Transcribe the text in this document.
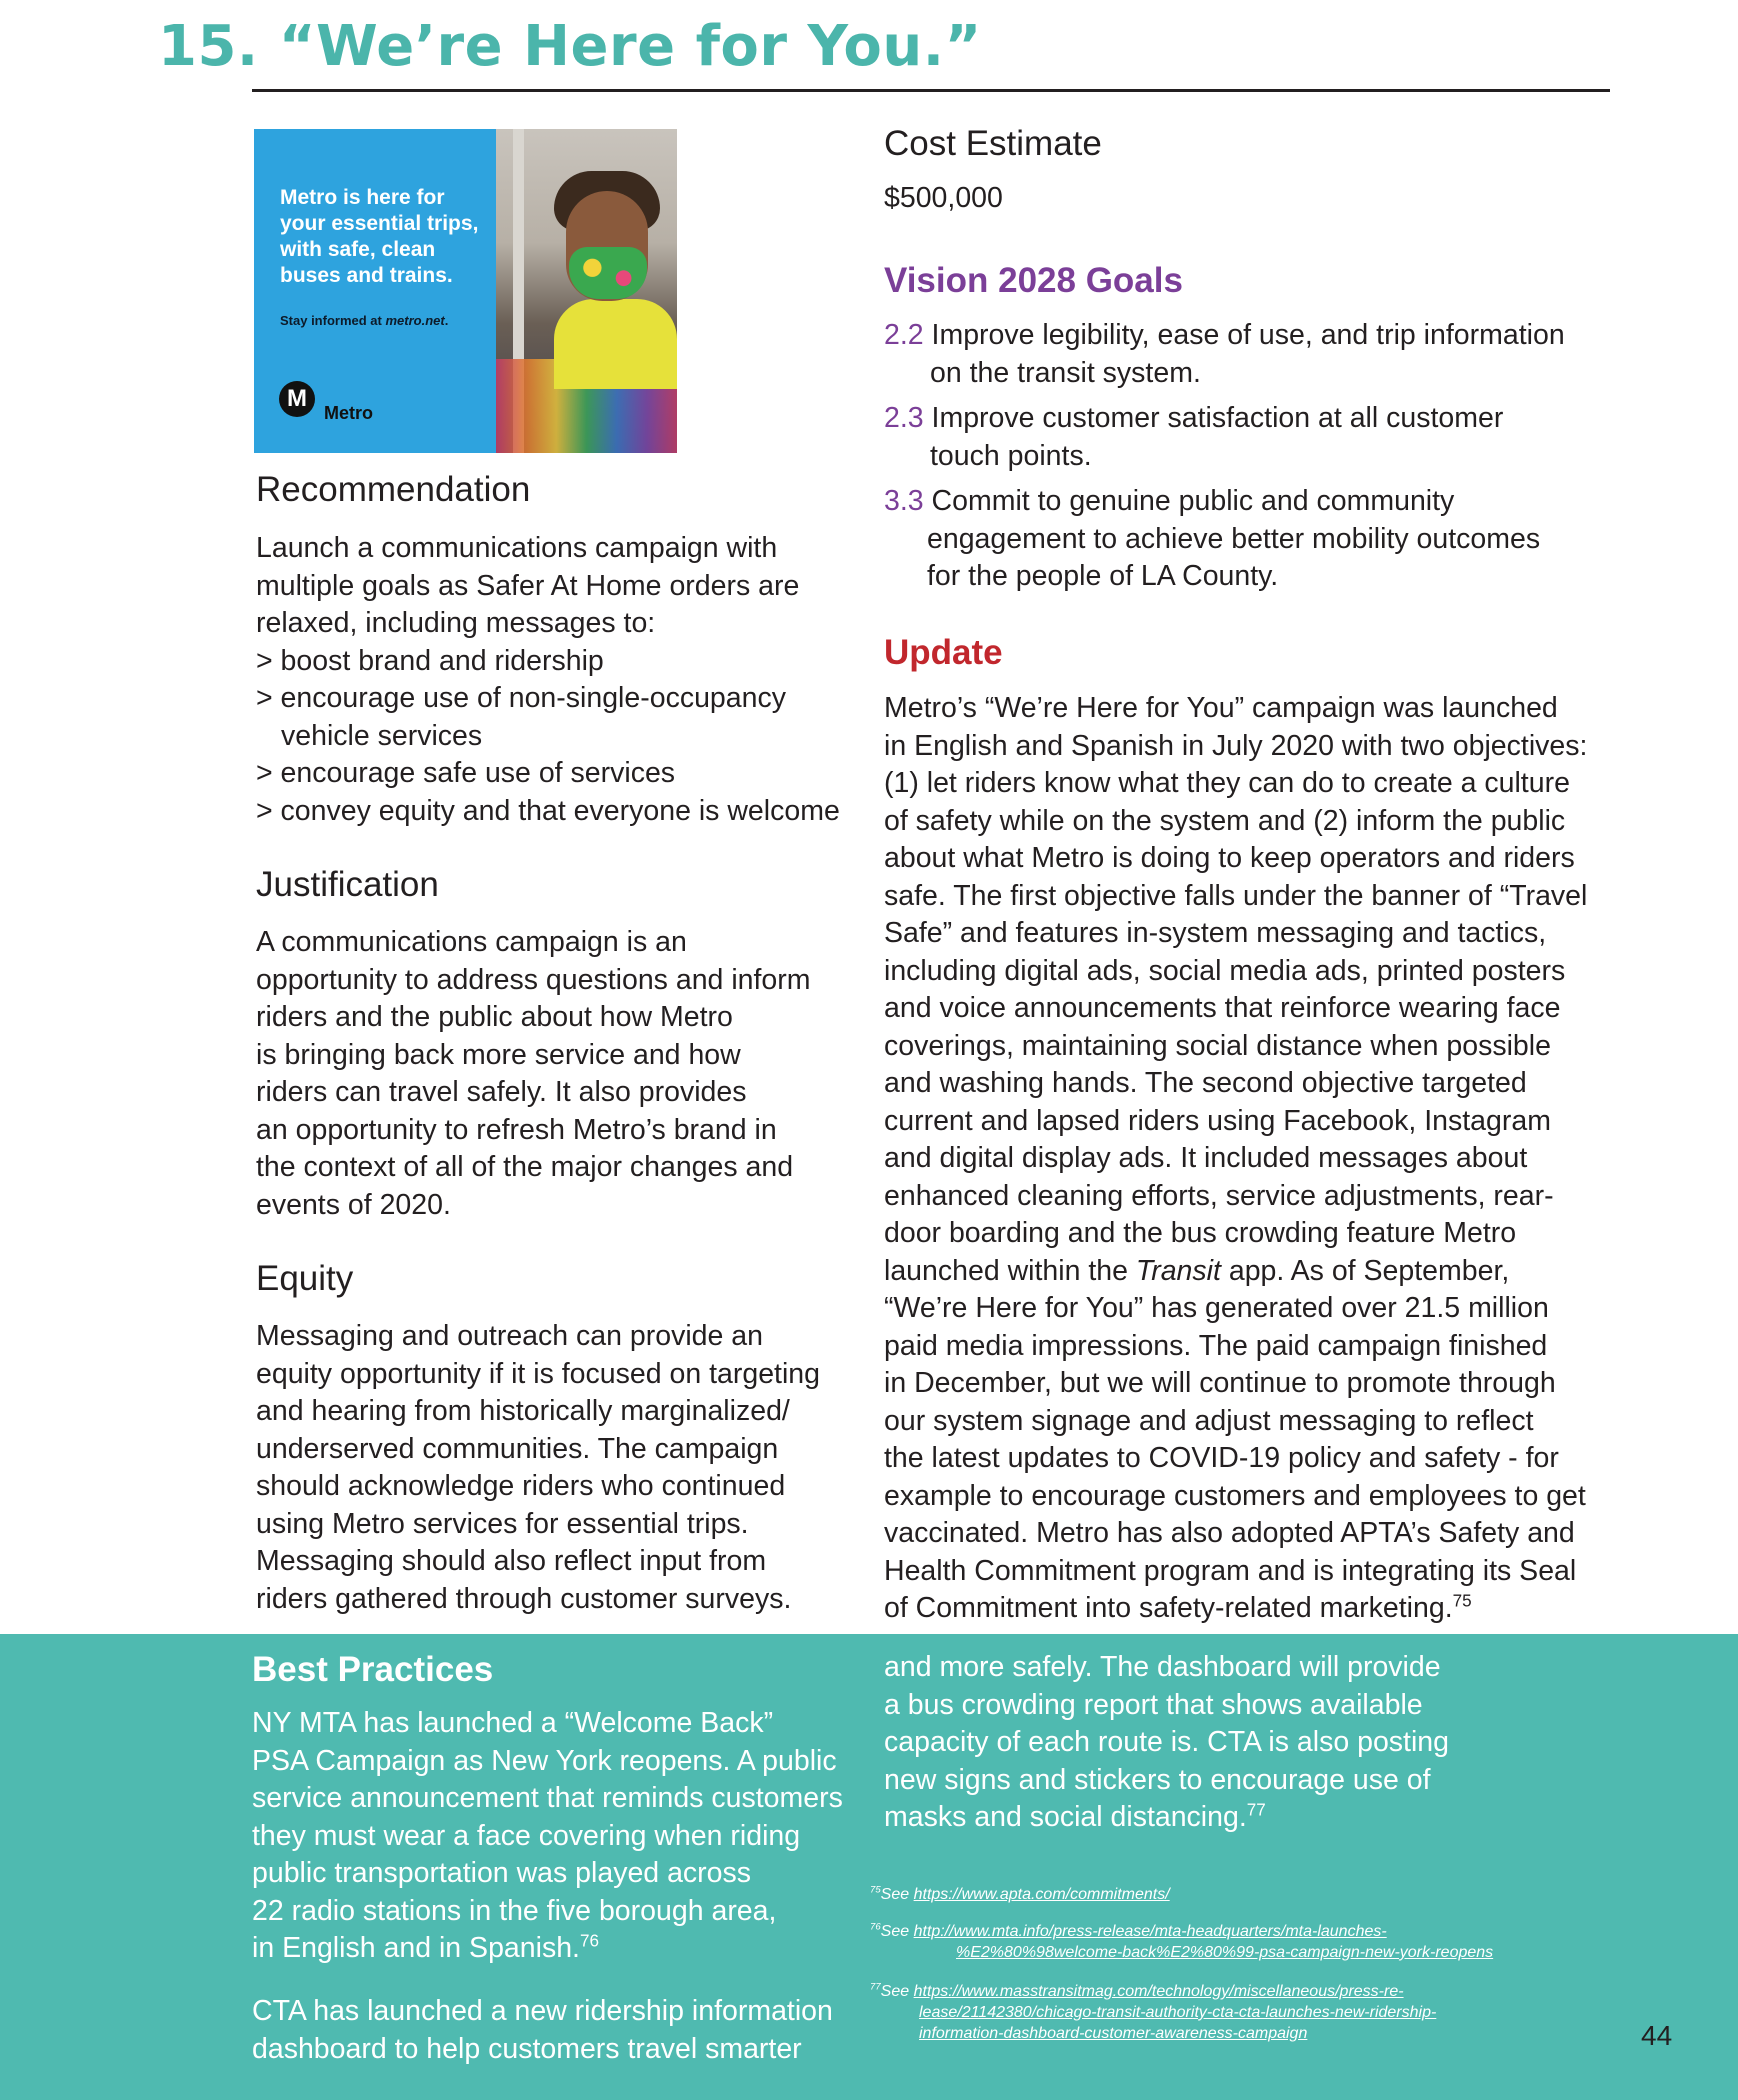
15. “We’re Here for You.”
Metro is here for
your essential trips,
with safe, clean
buses and trains.
Stay informed at metro.net.
M
Metro
Recommendation
Launch a communications campaign with
multiple goals as Safer At Home orders are
relaxed, including messages to:
> boost brand and ridership
> encourage use of non-single-occupancy
vehicle services
> encourage safe use of services
> convey equity and that everyone is welcome
Justification
A communications campaign is an
opportunity to address questions and inform
riders and the public about how Metro
is bringing back more service and how
riders can travel safely. It also provides
an opportunity to refresh Metro’s brand in
the context of all of the major changes and
events of 2020.
Equity
Messaging and outreach can provide an
equity opportunity if it is focused on targeting
and hearing from historically marginalized/
underserved communities. The campaign
should acknowledge riders who continued
using Metro services for essential trips.
Messaging should also reflect input from
riders gathered through customer surveys.
Cost Estimate
$500,000
Vision 2028 Goals
2.2 Improve legibility, ease of use, and trip information
on the transit system.
2.3 Improve customer satisfaction at all customer
touch points.
3.3 Commit to genuine public and community
engagement to achieve better mobility outcomes
for the people of LA County.
Update
Metro’s “We’re Here for You” campaign was launched
in English and Spanish in July 2020 with two objectives:
(1) let riders know what they can do to create a culture
of safety while on the system and (2) inform the public
about what Metro is doing to keep operators and riders
safe. The first objective falls under the banner of “Travel
Safe” and features in-system messaging and tactics,
including digital ads, social media ads, printed posters
and voice announcements that reinforce wearing face
coverings, maintaining social distance when possible
and washing hands. The second objective targeted
current and lapsed riders using Facebook, Instagram
and digital display ads. It included messages about
enhanced cleaning efforts, service adjustments, rear-
door boarding and the bus crowding feature Metro
launched within the Transit app. As of September,
“We’re Here for You” has generated over 21.5 million
paid media impressions. The paid campaign finished
in December, but we will continue to promote through
our system signage and adjust messaging to reflect
the latest updates to COVID-19 policy and safety - for
example to encourage customers and employees to get
vaccinated. Metro has also adopted APTA’s Safety and
Health Commitment program and is integrating its Seal
of Commitment into safety-related marketing.$^{75}$
Best Practices
NY MTA has launched a “Welcome Back”
PSA Campaign as New York reopens. A public
service announcement that reminds customers
they must wear a face covering when riding
public transportation was played across
22 radio stations in the five borough area,
in English and in Spanish.$^{76}$
CTA has launched a new ridership information
dashboard to help customers travel smarter
and more safely. The dashboard will provide
a bus crowding report that shows available
capacity of each route is. CTA is also posting
new signs and stickers to encourage use of
masks and social distancing.$^{77}$
$^{75}$See https://www.apta.com/commitments/
$^{76}$See http://www.mta.info/press-release/mta-headquarters/mta-launches-
%E2%80%98welcome-back%E2%80%99-psa-campaign-new-york-reopens
$^{77}$See https://www.masstransitmag.com/technology/miscellaneous/press-re-
lease/21142380/chicago-transit-authority-cta-cta-launches-new-ridership-
information-dashboard-customer-awareness-campaign	44
